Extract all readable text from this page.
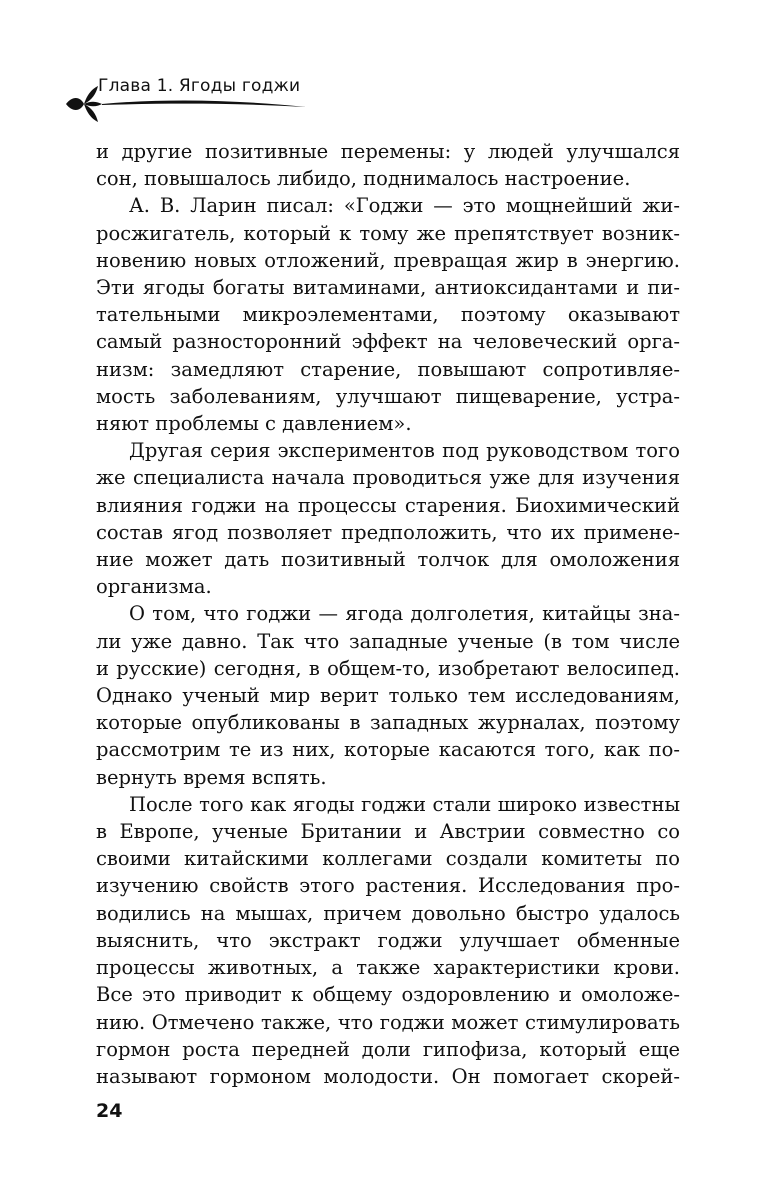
Глава 1. Ягоды годжи
и другие позитивные перемены: у людей улучшался
сон, повышалось либидо, поднималось настроение.
А. В. Ларин писал: «Годжи — это мощнейший жи-
росжигатель, который к тому же препятствует возник-
новению новых отложений, превращая жир в энергию.
Эти ягоды богаты витаминами, антиоксидантами и пи-
тательными микроэлементами, поэтому оказывают
самый разносторонний эффект на человеческий орга-
низм: замедляют старение, повышают сопротивляе-
мость заболеваниям, улучшают пищеварение, устра-
няют проблемы с давлением».
Другая серия экспериментов под руководством того
же специалиста начала проводиться уже для изучения
влияния годжи на процессы старения. Биохимический
состав ягод позволяет предположить, что их примене-
ние может дать позитивный толчок для омоложения
организма.
О том, что годжи — ягода долголетия, китайцы зна-
ли уже давно. Так что западные ученые (в том числе
и русские) сегодня, в общем-то, изобретают велосипед.
Однако ученый мир верит только тем исследованиям,
которые опубликованы в западных журналах, поэтому
рассмотрим те из них, которые касаются того, как по-
вернуть время вспять.
После того как ягоды годжи стали широко известны
в Европе, ученые Британии и Австрии совместно со
своими китайскими коллегами создали комитеты по
изучению свойств этого растения. Исследования про-
водились на мышах, причем довольно быстро удалось
выяснить, что экстракт годжи улучшает обменные
процессы животных, а также характеристики крови.
Все это приводит к общему оздоровлению и омоложе-
нию. Отмечено также, что годжи может стимулировать
гормон роста передней доли гипофиза, который еще
называют гормоном молодости. Он помогает скорей-
24
